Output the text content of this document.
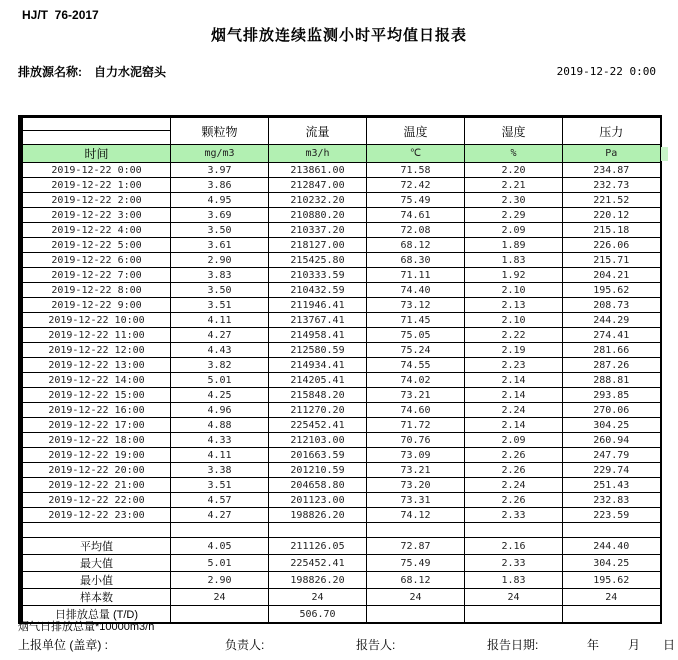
HJ/T  76-2017
烟气排放连续监测小时平均值日报表
排放源名称: 自力水泥窑头	2019-12-22 0:00
	颗粒物	流量	温度	湿度	压力

时间	mg/m3	m3/h	℃	%	Pa
2019-12-22 0:00	3.97	213861.00	71.58	2.20	234.87
2019-12-22 1:00	3.86	212847.00	72.42	2.21	232.73
2019-12-22 2:00	4.95	210232.20	75.49	2.30	221.52
2019-12-22 3:00	3.69	210880.20	74.61	2.29	220.12
2019-12-22 4:00	3.50	210337.20	72.08	2.09	215.18
2019-12-22 5:00	3.61	218127.00	68.12	1.89	226.06
2019-12-22 6:00	2.90	215425.80	68.30	1.83	215.71
2019-12-22 7:00	3.83	210333.59	71.11	1.92	204.21
2019-12-22 8:00	3.50	210432.59	74.40	2.10	195.62
2019-12-22 9:00	3.51	211946.41	73.12	2.13	208.73
2019-12-22 10:00	4.11	213767.41	71.45	2.10	244.29
2019-12-22 11:00	4.27	214958.41	75.05	2.22	274.41
2019-12-22 12:00	4.43	212580.59	75.24	2.19	281.66
2019-12-22 13:00	3.82	214934.41	74.55	2.23	287.26
2019-12-22 14:00	5.01	214205.41	74.02	2.14	288.81
2019-12-22 15:00	4.25	215848.20	73.21	2.14	293.85
2019-12-22 16:00	4.96	211270.20	74.60	2.24	270.06
2019-12-22 17:00	4.88	225452.41	71.72	2.14	304.25
2019-12-22 18:00	4.33	212103.00	70.76	2.09	260.94
2019-12-22 19:00	4.11	201663.59	73.09	2.26	247.79
2019-12-22 20:00	3.38	201210.59	73.21	2.26	229.74
2019-12-22 21:00	3.51	204658.80	73.20	2.24	251.43
2019-12-22 22:00	4.57	201123.00	73.31	2.26	232.83
2019-12-22 23:00	4.27	198826.20	74.12	2.33	223.59

平均值	4.05	211126.05	72.87	2.16	244.40
最大值	5.01	225452.41	75.49	2.33	304.25
最小值	2.90	198826.20	68.12	1.83	195.62
样本数	24	24	24	24	24
日排放总量 (T/D)		506.70			
烟气日排放总量*10000m3/h
上报单位 (盖章) :	负责人:	报告人:	报告日期:	年 月 日
